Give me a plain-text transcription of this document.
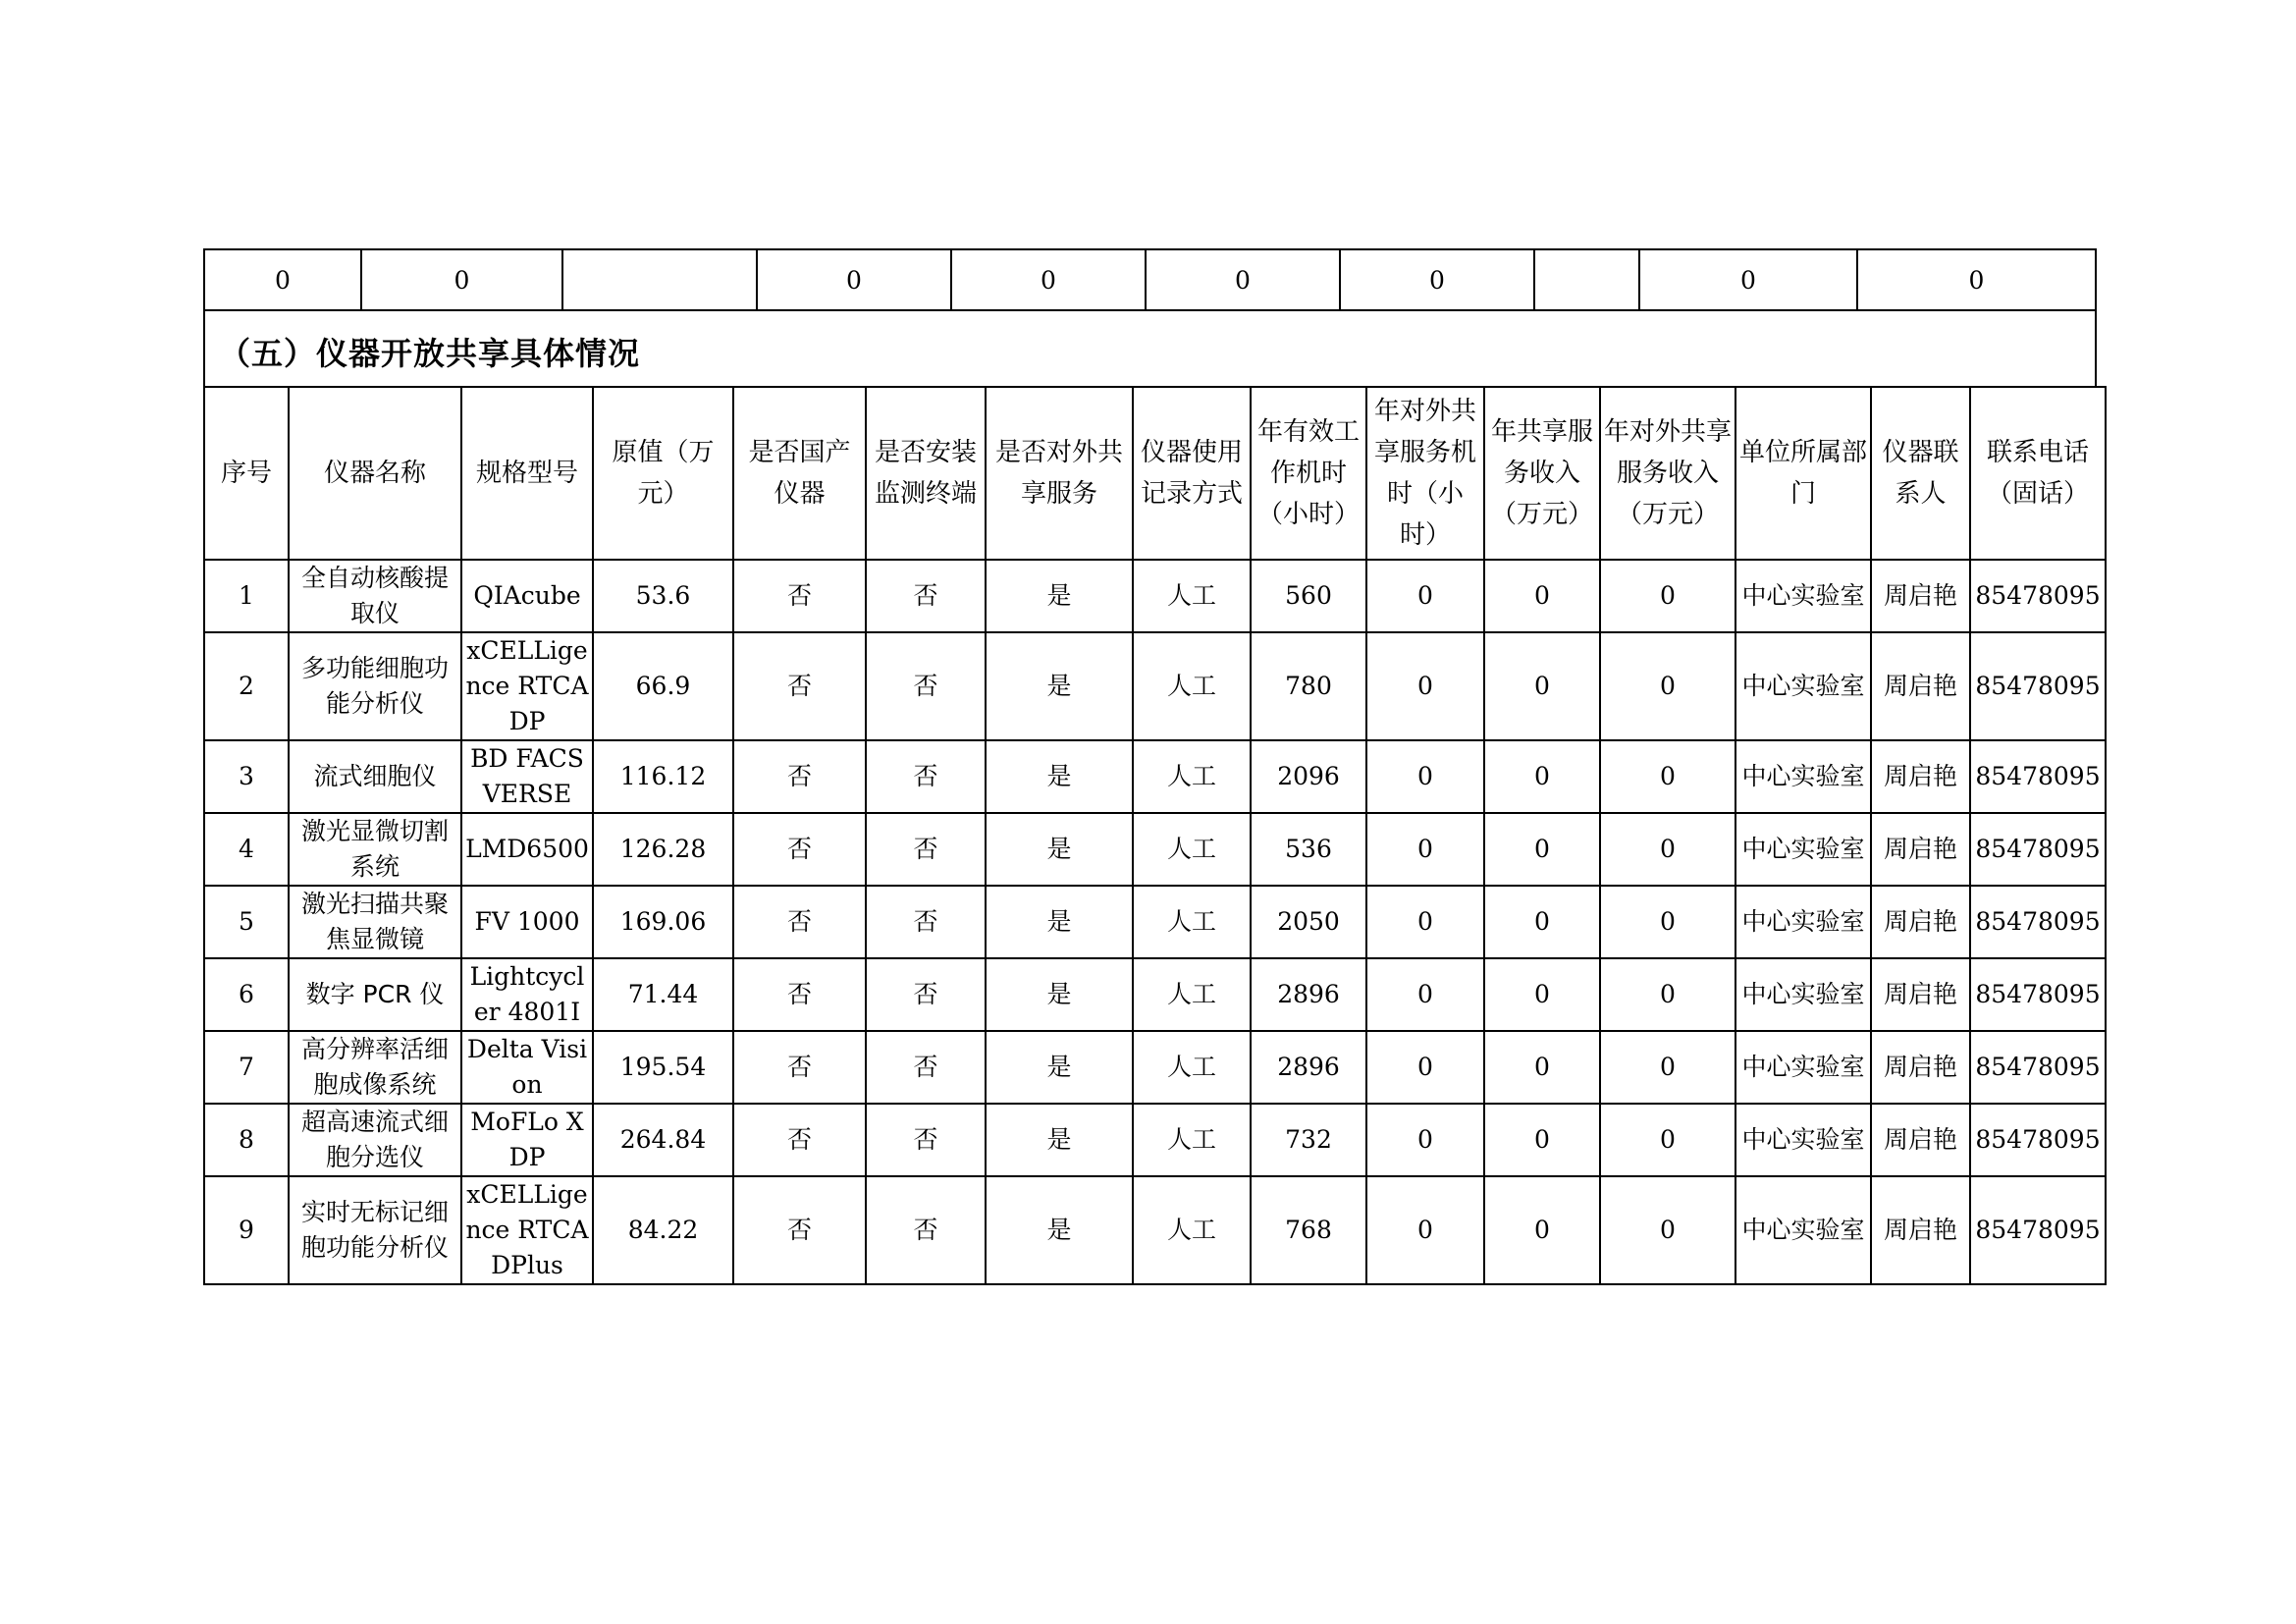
0	0		0	0	0	0		0	0
（五）仪器开放共享具体情况
序号	仪器名称	规格型号	原值（万元）	是否国产仪器	是否安装监测终端	是否对外共享服务	仪器使用记录方式	年有效工作机时（小时）	年对外共享服务机时（小时）	年共享服务收入（万元）	年对外共享服务收入（万元）	单位所属部门	仪器联系人	联系电话（固话）
1	全自动核酸提取仪	QIAcube	53.6	否	否	是	人工	560	0	0	0	中心实验室	周启艳	85478095
2	多功能细胞功能分析仪	xCELLigence RTCA DP	66.9	否	否	是	人工	780	0	0	0	中心实验室	周启艳	85478095
3	流式细胞仪	BD FACSVERSE	116.12	否	否	是	人工	2096	0	0	0	中心实验室	周启艳	85478095
4	激光显微切割系统	LMD6500	126.28	否	否	是	人工	536	0	0	0	中心实验室	周启艳	85478095
5	激光扫描共聚焦显微镜	FV 1000	169.06	否	否	是	人工	2050	0	0	0	中心实验室	周启艳	85478095
6	数字 PCR 仪	Lightcycler 4801I	71.44	否	否	是	人工	2896	0	0	0	中心实验室	周启艳	85478095
7	高分辨率活细胞成像系统	Delta Vision	195.54	否	否	是	人工	2896	0	0	0	中心实验室	周启艳	85478095
8	超高速流式细胞分选仪	MoFLo XDP	264.84	否	否	是	人工	732	0	0	0	中心实验室	周启艳	85478095
9	实时无标记细胞功能分析仪	xCELLigence RTCA DPlus	84.22	否	否	是	人工	768	0	0	0	中心实验室	周启艳	85478095
